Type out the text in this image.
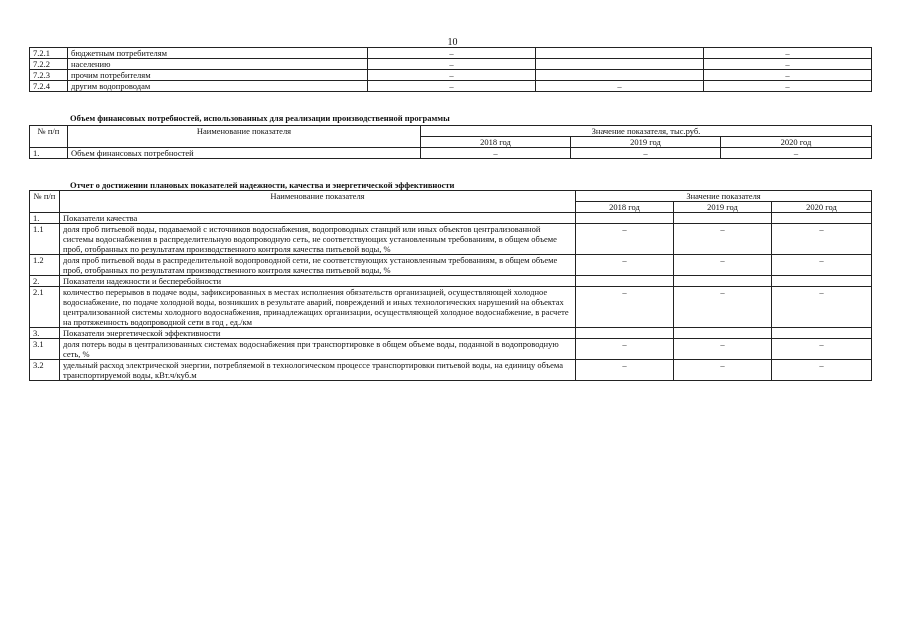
10
7.2.1	бюджетным потребителям	–		–
7.2.2	населению	–		–
7.2.3	прочим потребителям	–		–
7.2.4	другим водопроводам	–	–	–
Объем финансовых потребностей, использованных для реализации производственной программы
№ п/п	Наименование показателя	Значение показателя, тыс.руб.		
		2018 год	2019 год	2020 год
1.	Объем финансовых потребностей	–	–	–
Отчет о достижении плановых показателей надежности, качества и энергетической эффективности
№ п/п	Наименование показателя	Значение показателя		
		2018 год	2019 год	2020 год
1.	Показатели качества			
1.1	доля проб питьевой воды, подаваемой с источников водоснабжения, водопроводных станций или иных объектов централизованной системы водоснабжения в распределительную водопроводную сеть, не соответствующих установленным требованиям, в общем объеме проб, отобранных по результатам производственного контроля качества питьевой воды, %	–	–	–
1.2	доля проб питьевой воды в распределительной водопроводной сети, не соответствующих установленным требованиям, в общем объеме проб, отобранных по результатам производственного контроля качества питьевой воды, %	–	–	–
2.	Показатели надежности и бесперебойности			
2.1	количество перерывов в подаче воды, зафиксированных в местах исполнения обязательств организацией, осуществляющей холодное водоснабжение, по подаче холодной воды, возникших в результате аварий, повреждений и иных технологических нарушений на объектах централизованной системы холодного водоснабжения, принадлежащих организации, осуществляющей холодное водоснабжение, в расчете на протяженность водопроводной сети в год , ед./км	–	–	–
3.	Показатели энергетической эффективности			
3.1	доля потерь воды в централизованных системах водоснабжения при транспортировке в общем объеме воды, поданной в водопроводную сеть, %	–	–	–
3.2	удельный расход электрической энергии, потребляемой в технологическом процессе транспортировки питьевой воды, на единицу объема транспортируемой воды, кВт.ч/куб.м	–	–	–
